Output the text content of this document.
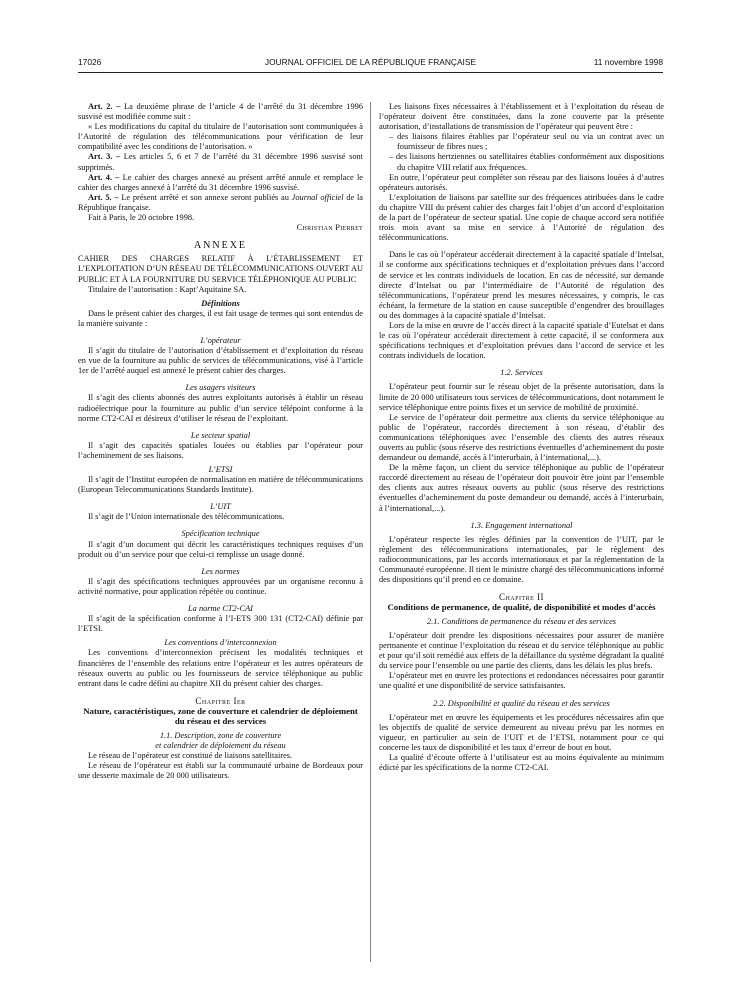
17026	JOURNAL OFFICIEL DE LA RÉPUBLIQUE FRANÇAISE	11 novembre 1998

Art. 2. – La deuxième phrase de l’article 4 de l’arrêté du 31 décembre 1996 susvisé est modifiée comme suit :

« Les modifications du capital du titulaire de l’autorisation sont communiquées à l’Autorité de régulation des télécommunications pour vérification de leur compatibilité avec les conditions de l’autorisation. »

Art. 3. – Les articles 5, 6 et 7 de l’arrêté du 31 décembre 1996 susvisé sont supprimés.

Art. 4. – Le cahier des charges annexé au présent arrêté annule et remplace le cahier des charges annexé à l’arrêté du 31 décembre 1996 susvisé.

Art. 5. – Le présent arrêté et son annexe seront publiés au Journal officiel de la République française.

Fait à Paris, le 20 octobre 1998.

Christian Pierret

ANNEXE

CAHIER DES CHARGES RELATIF À L’ÉTABLISSEMENT ET L’EXPLOITATION D’UN RÉSEAU DE TÉLÉCOMMUNICATIONS OUVERT AU PUBLIC ET À LA FOURNITURE DU SERVICE TÉLÉPHONIQUE AU PUBLIC

Titulaire de l’autorisation : Kapt’Aquitaine SA.

Définitions

Dans le présent cahier des charges, il est fait usage de termes qui sont entendus de la manière suivante :

L’opérateur

Il s’agit du titulaire de l’autorisation d’établissement et d’exploitation du réseau en vue de la fourniture au public de services de télécommunications, visé à l’article 1er de l’arrêté auquel est annexé le présent cahier des charges.

Les usagers visiteurs

Il s’agit des clients abonnés des autres exploitants autorisés à établir un réseau radioélectrique pour la fourniture au public d’un service télépoint conforme à la norme CT2-CAI et désireux d’utiliser le réseau de l’exploitant.

Le secteur spatial

Il s’agit des capacités spatiales louées ou établies par l’opérateur pour l’acheminement de ses liaisons.

L’ETSI

Il s’agit de l’Institut européen de normalisation en matière de télécommunications (European Telecommunications Standards Institute).

L’UIT

Il s’agit de l’Union internationale des télécommunications.

Spécification technique

Il s’agit d’un document qui décrit les caractéristiques techniques requises d’un produit ou d’un service pour que celui-ci remplisse un usage donné.

Les normes

Il s’agit des spécifications techniques approuvées par un organisme reconnu à activité normative, pour application répétée ou continue.

La norme CT2-CAI

Il s’agit de la spécification conforme à l’I-ETS 300 131 (CT2-CAI) définie par l’ETSI.

Les conventions d’interconnexion

Les conventions d’interconnexion précisent les modalités techniques et financières de l’ensemble des relations entre l’opérateur et les autres opérateurs de réseaux ouverts au public ou les fournisseurs de service téléphonique au public entrant dans le cadre défini au chapitre XII du présent cahier des charges.

Chapitre Ier

Nature, caractéristiques, zone de couverture et calendrier de déploiement du réseau et des services

1.1. Description, zone de couverture

et calendrier de déploiement du réseau

Le réseau de l’opérateur est constitué de liaisons satellitaires.

Le réseau de l’opérateur est établi sur la communauté urbaine de Bordeaux pour une desserte maximale de 20 000 utilisateurs.

Les liaisons fixes nécessaires à l’établissement et à l’exploitation du réseau de l’opérateur doivent être constituées, dans la zone couverte par la présente autorisation, d’installations de transmission de l’opérateur qui peuvent être :

– des liaisons filaires établies par l’opérateur seul ou via un contrat avec un fournisseur de fibres nues ;

– des liaisons hertziennes ou satellitaires établies conformément aux dispositions du chapitre VIII relatif aux fréquences.

En outre, l’opérateur peut compléter son réseau par des liaisons louées à d’autres opérateurs autorisés.

L’exploitation de liaisons par satellite sur des fréquences attribuées dans le cadre du chapitre VIII du présent cahier des charges fait l’objet d’un accord d’exploitation de la part de l’opérateur de secteur spatial. Une copie de chaque accord sera notifiée trois mois avant sa mise en service à l’Autorité de régulation des télécommunications.

Dans le cas où l’opérateur accéderait directement à la capacité spatiale d’Intelsat, il se conforme aux spécifications techniques et d’exploitation prévues dans l’accord de service et les contrats individuels de location. En cas de nécessité, sur demande directe d’Intelsat ou par l’intermédiaire de l’Autorité de régulation des télécommunications, l’opérateur prend les mesures nécessaires, y compris, le cas échéant, la fermeture de la station en cause susceptible d’engendrer des brouillages ou des dommages à la capacité spatiale d’Intelsat.

Lors de la mise en œuvre de l’accès direct à la capacité spatiale d’Eutelsat et dans le cas où l’opérateur accéderait directement à cette capacité, il se conformera aux spécifications techniques et d’exploitation prévues dans l’accord de service et les contrats individuels de location.

1.2. Services

L’opérateur peut fournir sur le réseau objet de la présente autorisation, dans la limite de 20 000 utilisateurs tous services de télécommunications, dont notamment le service téléphonique entre points fixes et un service de mobilité de proximité.

Le service de l’opérateur doit permettre aux clients du service téléphonique au public de l’opérateur, raccordés directement à son réseau, d’établir des communications téléphoniques avec l’ensemble des clients des autres réseaux ouverts au public (sous réserve des restrictions éventuelles d’acheminement du poste demandeur ou demandé, accès à l’interurbain, à l’international,...).

De la même façon, un client du service téléphonique au public de l’opérateur raccordé directement au réseau de l’opérateur doit pouvoir être joint par l’ensemble des clients aux autres réseaux ouverts au public (sous réserve des restrictions éventuelles d’acheminement du poste demandeur ou demandé, accès à l’interurbain, à l’international,...).

1.3. Engagement international

L’opérateur respecte les règles définies par la convention de l’UIT, par le règlement des télécommunications internationales, par le règlement des radiocommunications, par les accords internationaux et par la réglementation de la Communauté européenne. Il tient le ministre chargé des télécommunications informé des dispositions qu’il prend en ce domaine.

Chapitre II

Conditions de permanence, de qualité, de disponibilité et modes d’accès

2.1. Conditions de permanence du réseau et des services

L’opérateur doit prendre les dispositions nécessaires pour assurer de manière permanente et continue l’exploitation du réseau et du service téléphonique au public et pour qu’il soit remédié aux effets de la défaillance du système dégradant la qualité du service pour l’ensemble ou une partie des clients, dans les délais les plus brefs.

L’opérateur met en œuvre les protections et redondances nécessaires pour garantir une qualité et une disponibilité de service satisfaisantes.

2.2. Disponibilité et qualité du réseau et des services

L’opérateur met en œuvre les équipements et les procédures nécessaires afin que les objectifs de qualité de service demeurent au niveau prévu par les normes en vigueur, en particulier au sein de l’UIT et de l’ETSI, notamment pour ce qui concerne les taux de disponibilité et les taux d’erreur de bout en bout.

La qualité d’écoute offerte à l’utilisateur est au moins équivalente au minimum édicté par les spécifications de la norme CT2-CAI.
